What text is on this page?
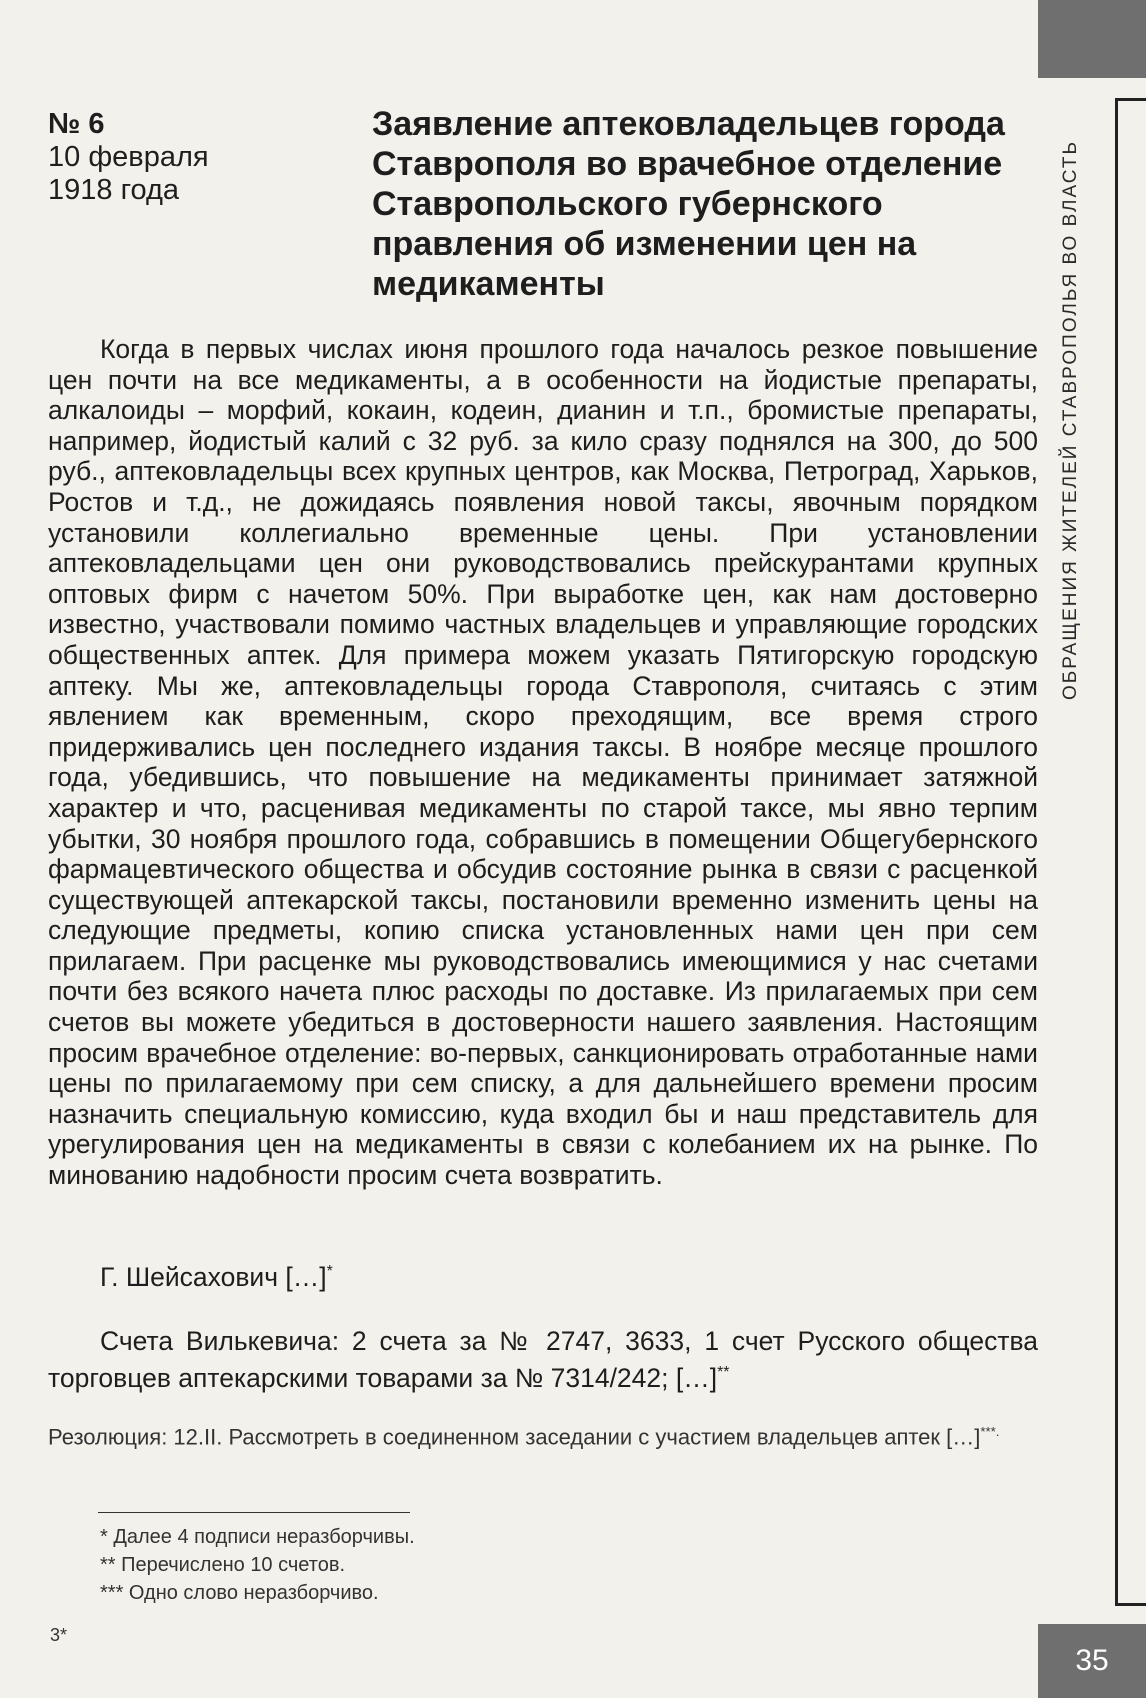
ОБРАЩЕНИЯ ЖИТЕЛЕЙ СТАВРОПОЛЬЯ ВО ВЛАСТЬ
35
№ 6
10 февраля
1918 года
Заявление аптековладельцев города Ставрополя во врачебное отделение Ставропольского губернского правления об изменении цен на медикаменты

Когда в первых числах июня прошлого года началось резкое повышение цен почти на все медикаменты, а в особенности на йодистые препараты, алкалоиды – морфий, кокаин, кодеин, дианин и т.п., бромистые препараты, например, йодистый калий с 32 руб. за кило сразу поднялся на 300, до 500 руб., аптековладельцы всех крупных центров, как Москва, Петроград, Харьков, Ростов и т.д., не дожидаясь появления новой таксы, явочным порядком установили коллегиально временные цены. При установлении аптековладельцами цен они руководствовались прейскурантами крупных оптовых фирм с начетом 50%. При выработке цен, как нам достоверно известно, участвовали помимо частных владельцев и управляющие городских общественных аптек. Для примера можем указать Пятигорскую городскую аптеку. Мы же, аптековладельцы города Ставрополя, считаясь с этим явлением как временным, скоро преходящим, все время строго придерживались цен последнего издания таксы. В ноябре месяце прошлого года, убедившись, что повышение на медикаменты принимает затяжной характер и что, расценивая медикаменты по старой таксе, мы явно терпим убытки, 30 ноября прошлого года, собравшись в помещении Общегубернского фармацевтического общества и обсудив состояние рынка в связи с расценкой существующей аптекарской таксы, постановили временно изменить цены на следующие предметы, копию списка установленных нами цен при сем прилагаем. При расценке мы руководствовались имеющимися у нас счетами почти без всякого начета плюс расходы по доставке. Из прилагаемых при сем счетов вы можете убедиться в достоверности нашего заявления. Настоящим просим врачебное отделение: во-первых, санкционировать отработанные нами цены по прилагаемому при сем списку, а для дальнейшего времени просим назначить специальную комиссию, куда входил бы и наш представитель для урегулирования цен на медикаменты в связи с колебанием их на рынке. По минованию надобности просим счета возвратить.

Г. Шейсахович […]*

Счета Вилькевича: 2 счета за № 2747, 3633, 1 счет Русского общества торговцев аптекарскими товарами за № 7314/242; […]**

Резолюция: 12.II. Рассмотреть в соединенном заседании с участием владельцев аптек […]***.

* Далее 4 подписи неразборчивы.
** Перечислено 10 счетов.
*** Одно слово неразборчиво.
3*
